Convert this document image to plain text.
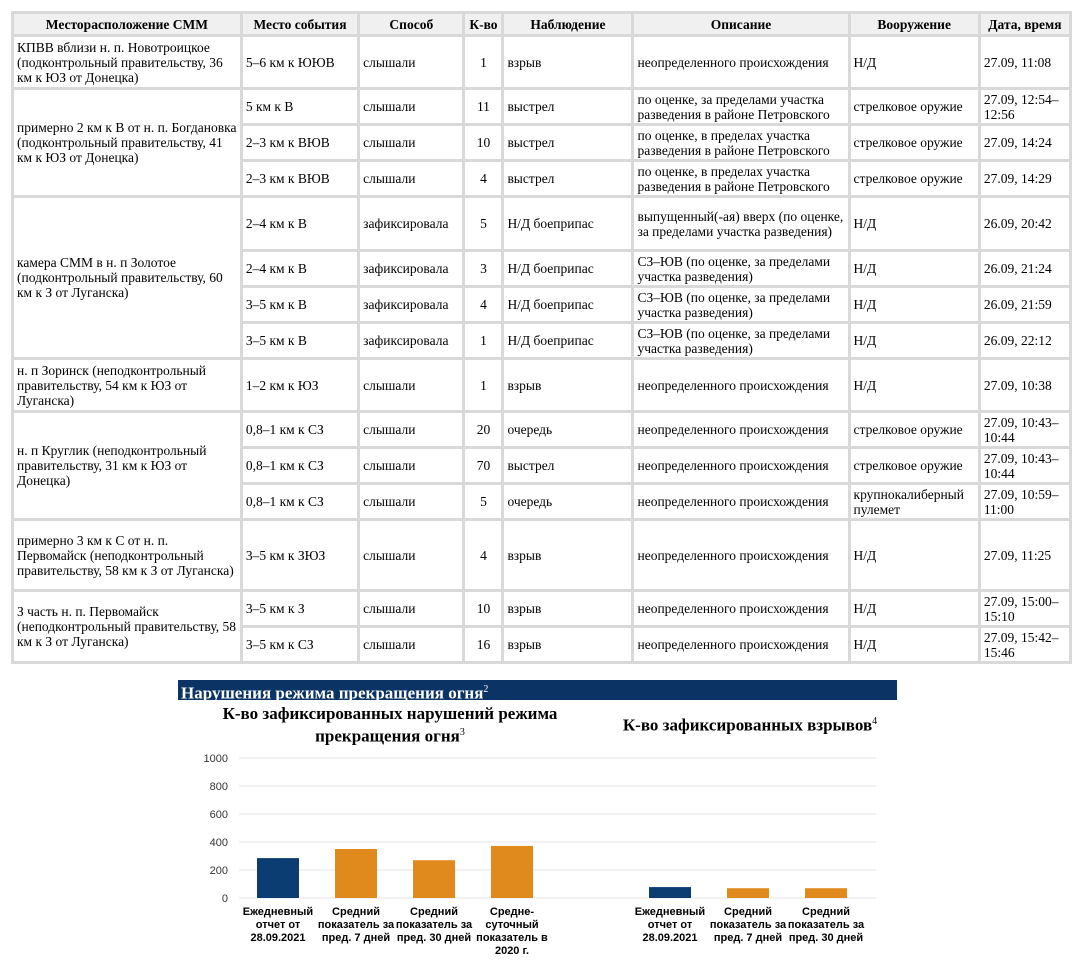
Месторасположение СММ	Место события	Способ	К-во	Наблюдение	Описание	Вооружение	Дата, время
КПВВ вблизи н. п. Новотроицкое (подконтрольный правительству, 36 км к ЮЗ от Донецка)	5–6 км к ЮЮВ	слышали	1	взрыв	неопределенного происхождения	Н/Д	27.09, 11:08
примерно 2 км к В от н. п. Богдановка (подконтрольный правительству, 41 км к ЮЗ от Донецка)	5 км к В	слышали	11	выстрел	по оценке, за пределами участка разведения в районе Петровского	стрелковое оружие	27.09, 12:54–12:56
	2–3 км к ВЮВ	слышали	10	выстрел	по оценке, в пределах участка разведения в районе Петровского	стрелковое оружие	27.09, 14:24
	2–3 км к ВЮВ	слышали	4	выстрел	по оценке, в пределах участка разведения в районе Петровского	стрелковое оружие	27.09, 14:29
камера СММ в н. п Золотое (подконтрольный правительству, 60 км к З от Луганска)	2–4 км к В	зафиксировала	5	Н/Д боеприпас	выпущенный(-ая) вверх (по оценке, за пределами участка разведения)	Н/Д	26.09, 20:42
	2–4 км к В	зафиксировала	3	Н/Д боеприпас	СЗ–ЮВ (по оценке, за пределами участка разведения)	Н/Д	26.09, 21:24
	3–5 км к В	зафиксировала	4	Н/Д боеприпас	СЗ–ЮВ (по оценке, за пределами участка разведения)	Н/Д	26.09, 21:59
	3–5 км к В	зафиксировала	1	Н/Д боеприпас	СЗ–ЮВ (по оценке, за пределами участка разведения)	Н/Д	26.09, 22:12
н. п Зоринск (неподконтрольный правительству, 54 км к ЮЗ от Луганска)	1–2 км к ЮЗ	слышали	1	взрыв	неопределенного происхождения	Н/Д	27.09, 10:38
н. п Круглик (неподконтрольный правительству, 31 км к ЮЗ от Донецка)	0,8–1 км к СЗ	слышали	20	очередь	неопределенного происхождения	стрелковое оружие	27.09, 10:43–10:44
	0,8–1 км к СЗ	слышали	70	выстрел	неопределенного происхождения	стрелковое оружие	27.09, 10:43–10:44
	0,8–1 км к СЗ	слышали	5	очередь	неопределенного происхождения	крупнокалиберный пулемет	27.09, 10:59–11:00
примерно 3 км к С от н. п. Первомайск (неподконтрольный правительству, 58 км к З от Луганска)	3–5 км к ЗЮЗ	слышали	4	взрыв	неопределенного происхождения	Н/Д	27.09, 11:25
З часть н. п. Первомайск (неподконтрольный правительству, 58 км к З от Луганска)	3–5 км к З	слышали	10	взрыв	неопределенного происхождения	Н/Д	27.09, 15:00–15:10
	3–5 км к СЗ	слышали	16	взрыв	неопределенного происхождения	Н/Д	27.09, 15:42–15:46
Нарушения режима прекращения огня$^2$
К-во зафиксированных нарушений режима прекращения огня$^3$	К-во зафиксированных взрывов$^4$
0
200
400
600
800
1000
Ежедневный отчет от 28.09.2021
Средний показатель за пред. 7 дней
Средний показатель за пред. 30 дней
Средне-суточный показатель в 2020 г.
Ежедневный отчет от 28.09.2021
Средний показатель за пред. 7 дней
Средний показатель за пред. 30 дней
